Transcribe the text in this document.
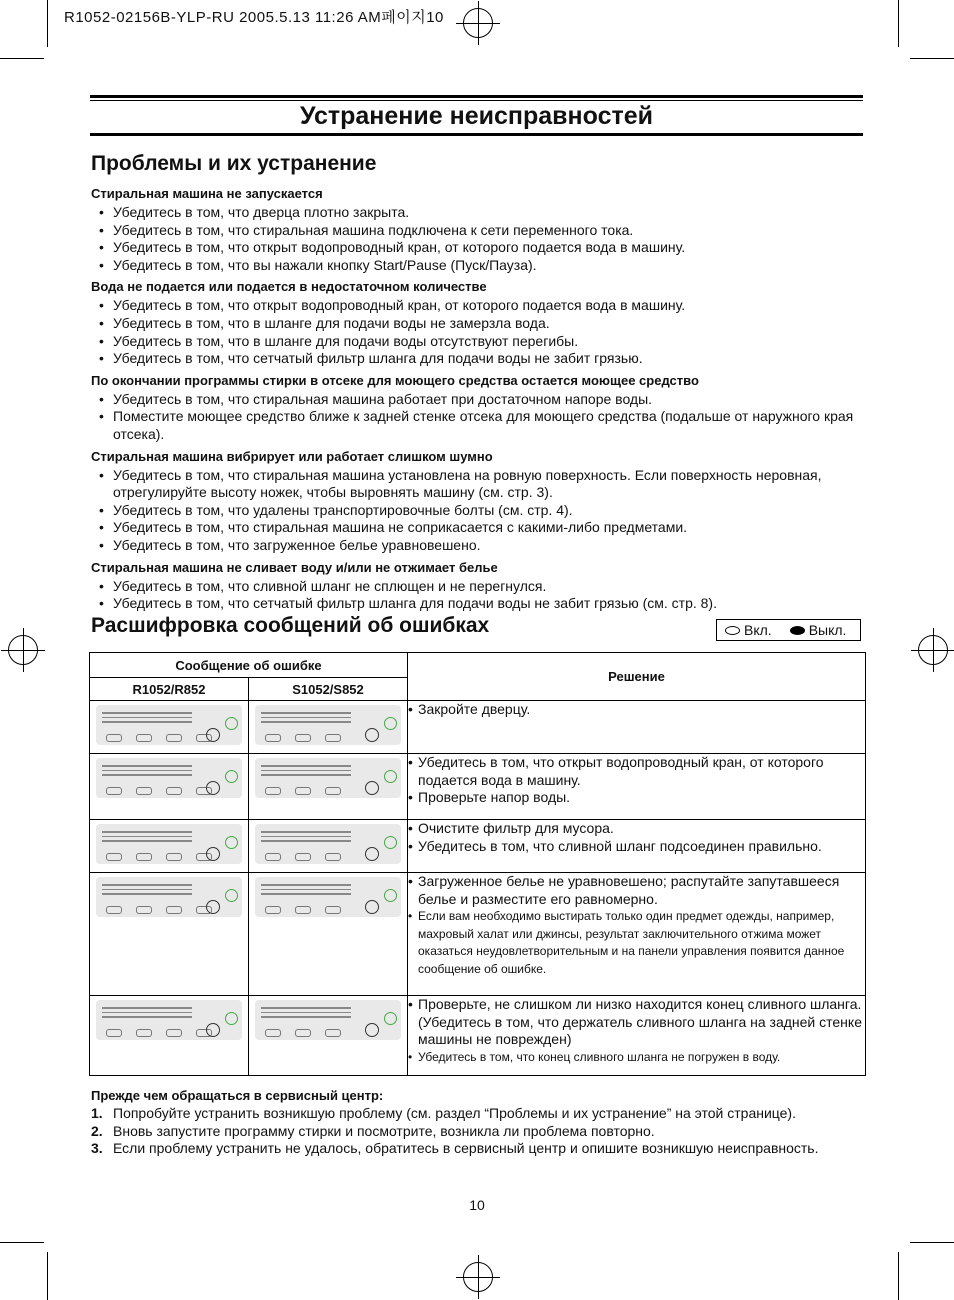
R1052-02156B-YLP-RU 2005.5.13 11:26 AM페이지10
Устранение неисправностей
Проблемы и их устранение
Стиральная машина не запускается
• Убедитесь в том, что дверца плотно закрыта.
• Убедитесь в том, что стиральная машина подключена к сети переменного тока.
• Убедитесь в том, что открыт водопроводный кран, от которого подается вода в машину.
• Убедитесь в том, что вы нажали кнопку Start/Pause (Пуск/Пауза).
Вода не подается или подается в недостаточном количестве
• Убедитесь в том, что открыт водопроводный кран, от которого подается вода в машину.
• Убедитесь в том, что в шланге для подачи воды не замерзла вода.
• Убедитесь в том, что в шланге для подачи воды отсутствуют перегибы.
• Убедитесь в том, что сетчатый фильтр шланга для подачи воды не забит грязью.
По окончании программы стирки в отсеке для моющего средства остается моющее средство
• Убедитесь в том, что стиральная машина работает при достаточном напоре воды.
• Поместите моющее средство ближе к задней стенке отсека для моющего средства (подальше от наружного края отсека).
Стиральная машина вибрирует или работает слишком шумно
• Убедитесь в том, что стиральная машина установлена на ровную поверхность. Если поверхность неровная, отрегулируйте высоту ножек, чтобы выровнять машину (см. стр. 3).
• Убедитесь в том, что удалены транспортировочные болты (см. стр. 4).
• Убедитесь в том, что стиральная машина не соприкасается с какими-либо предметами.
• Убедитесь в том, что загруженное белье уравновешено.
Стиральная машина не сливает воду и/или не отжимает белье
• Убедитесь в том, что сливной шланг не сплющен и не перегнулся.
• Убедитесь в том, что сетчатый фильтр шланга для подачи воды не забит грязью (см. стр. 8).
Расшифровка сообщений об ошибках	Вкл.	Выкл.
Сообщение об ошибке		Решение
R1052/R852	S1052/S852	

		• Закройте дверцу.

		• Убедитесь в том, что открыт водопроводный кран, от которого подается вода в машину.
• Проверьте напор воды.

		• Очистите фильтр для мусора.
• Убедитесь в том, что сливной шланг подсоединен правильно.

		• Загруженное белье не уравновешено; распутайте запутавшееся белье и разместите его равномерно.
• Если вам необходимо выстирать только один предмет одежды, например, махровый халат или джинсы, результат заключительного отжима может оказаться неудовлетворительным и на панели управления появится данное сообщение об ошибке.

		• Проверьте, не слишком ли низко находится конец сливного шланга. (Убедитесь в том, что держатель сливного шланга на задней стенке машины не поврежден)
• Убедитесь в том, что конец сливного шланга не погружен в воду.
Прежде чем обращаться в сервисный центр:
1. Попробуйте устранить возникшую проблему (см. раздел “Проблемы и их устранение” на этой странице).
2. Вновь запустите программу стирки и посмотрите, возникла ли проблема повторно.
3. Если проблему устранить не удалось, обратитесь в сервисный центр и опишите возникшую неисправность.
10
